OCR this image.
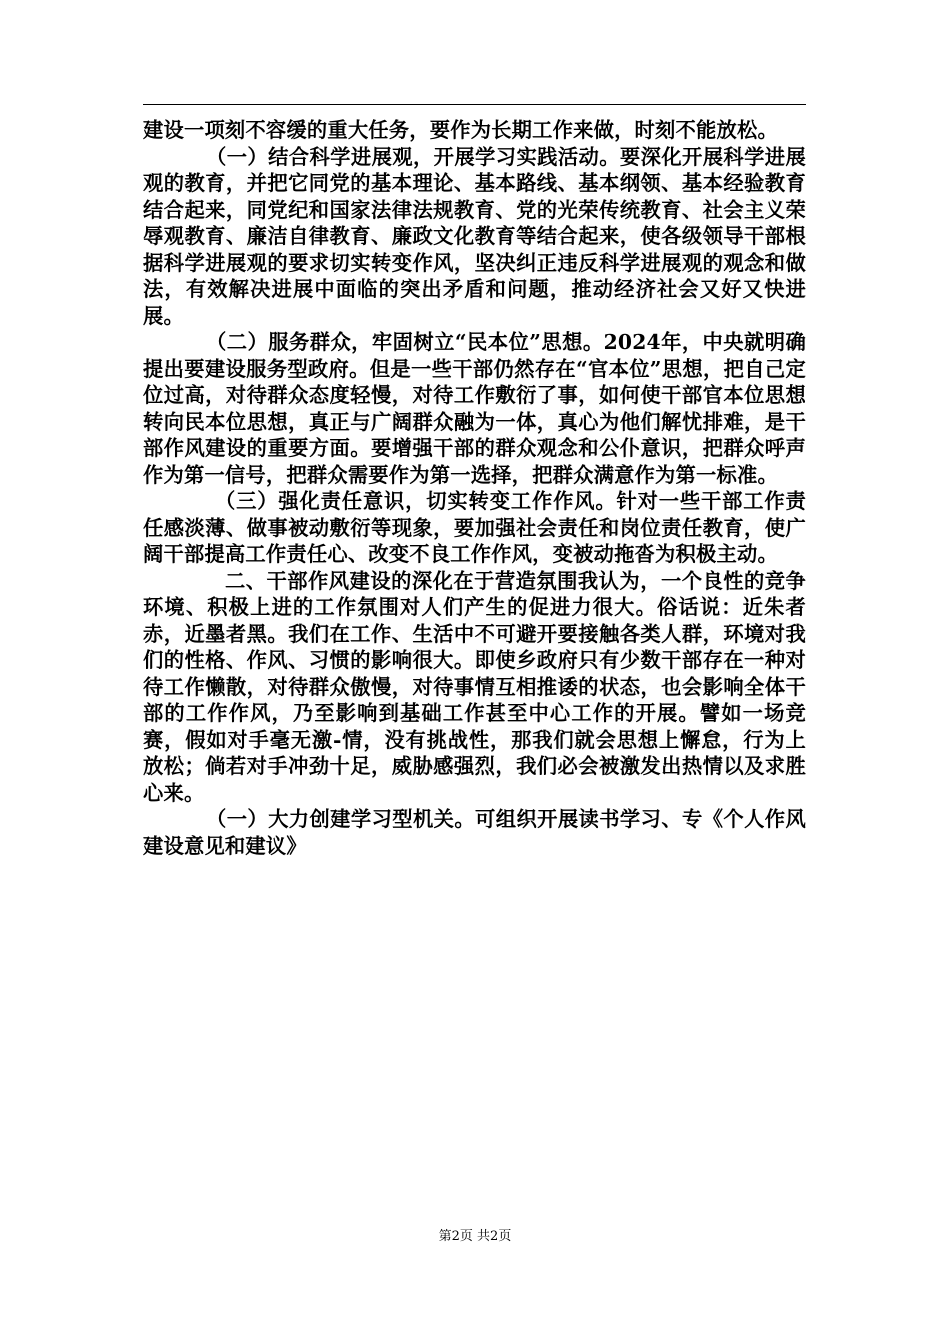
建设一项刻不容缓的重大任务，要作为长期工作来做，时刻不能放松。

（一）结合科学进展观，开展学习实践活动。要深化开展科学进展观的教育，并把它同党的基本理论、基本路线、基本纲领、基本经验教育结合起来，同党纪和国家法律法规教育、党的光荣传统教育、社会主义荣辱观教育、廉洁自律教育、廉政文化教育等结合起来，使各级领导干部根据科学进展观的要求切实转变作风，坚决纠正违反科学进展观的观念和做法，有效解决进展中面临的突出矛盾和问题，推动经济社会又好又快进展。

（二）服务群众，牢固树立“民本位”思想。2024年，中央就明确提出要建设服务型政府。但是一些干部仍然存在“官本位”思想，把自己定位过高，对待群众态度轻慢，对待工作敷衍了事，如何使干部官本位思想转向民本位思想，真正与广阔群众融为一体，真心为他们解忧排难，是干部作风建设的重要方面。要增强干部的群众观念和公仆意识，把群众呼声作为第一信号，把群众需要作为第一选择，把群众满意作为第一标准。

（三）强化责任意识，切实转变工作作风。针对一些干部工作责任感淡薄、做事被动敷衍等现象，要加强社会责任和岗位责任教育，使广阔干部提高工作责任心、改变不良工作作风，变被动拖沓为积极主动。

二、干部作风建设的深化在于营造氛围我认为，一个良性的竞争环境、积极上进的工作氛围对人们产生的促进力很大。俗话说：近朱者赤，近墨者黑。我们在工作、生活中不可避开要接触各类人群，环境对我们的性格、作风、习惯的影响很大。即使乡政府只有少数干部存在一种对待工作懒散，对待群众傲慢，对待事情互相推诿的状态，也会影响全体干部的工作作风，乃至影响到基础工作甚至中心工作的开展。譬如一场竞赛，假如对手毫无激-情，没有挑战性，那我们就会思想上懈怠，行为上放松；倘若对手冲劲十足，威胁感强烈，我们必会被激发出热情以及求胜心来。

（一）大力创建学习型机关。可组织开展读书学习、专《个人作风建设意见和建议》

第2页 共2页
